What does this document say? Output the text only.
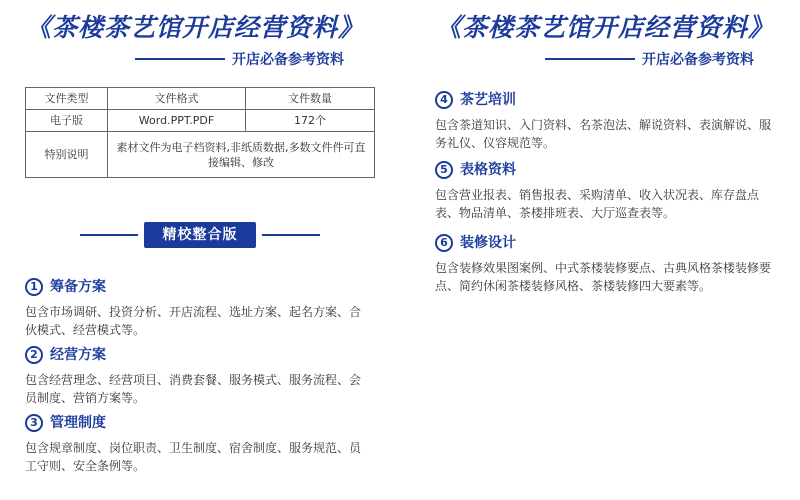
《茶楼茶艺馆开店经营资料》
开店必备参考资料
文件类型	文件格式	文件数量
电子版	Word.PPT.PDF	172个
特别说明	素材文件为电子档资料,非纸质数据,多数文件件可直接编辑、修改	
精校整合版
1 筹备方案
包含市场调研、投资分析、开店流程、选址方案、起名方案、合伙模式、经营模式等。
2 经营方案
包含经营理念、经营项目、消费套餐、服务模式、服务流程、会员制度、营销方案等。
3 管理制度
包含规章制度、岗位职责、卫生制度、宿舍制度、服务规范、员工守则、安全条例等。
《茶楼茶艺馆开店经营资料》
开店必备参考资料
4 茶艺培训
包含茶道知识、入门资料、名茶泡法、解说资料、表演解说、服务礼仪、仪容规范等。
5 表格资料
包含营业报表、销售报表、采购清单、收入状况表、库存盘点表、物品清单、茶楼排班表、大厅巡查表等。
6 装修设计
包含装修效果图案例、中式茶楼装修要点、古典风格茶楼装修要点、简约休闲茶楼装修风格、茶楼装修四大要素等。
